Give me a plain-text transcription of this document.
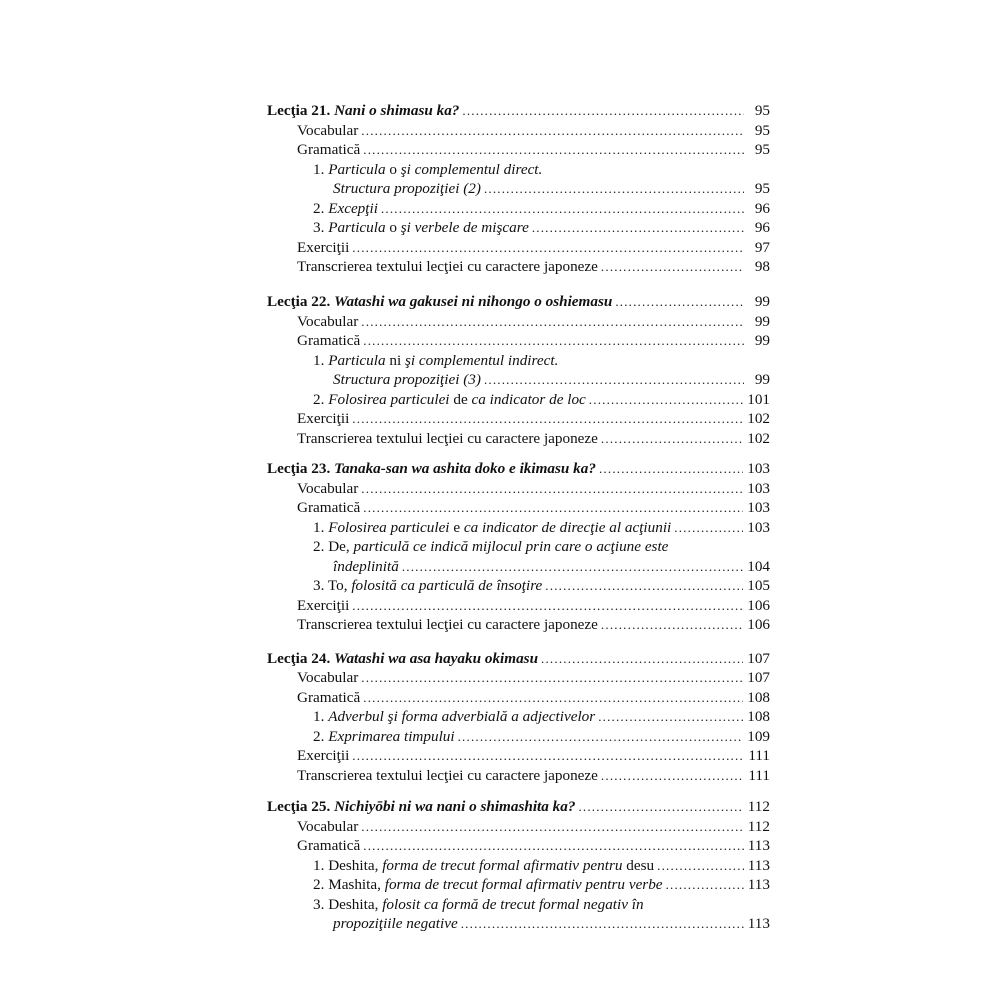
Lecţia 21. Nani o shimasu ka? .....	95
Vocabular .....	95
Gramatică .....	95
1. Particula o şi complementul direct.
Structura propoziţiei (2) .....	95
2. Excepţii .....	96
3. Particula o şi verbele de mişcare .....	96
Exerciţii .....	97
Transcrierea textului lecţiei cu caractere japoneze .....	98
Lecţia 22. Watashi wa gakusei ni nihongo o oshiemasu .....	99
Vocabular .....	99
Gramatică .....	99
1. Particula ni şi complementul indirect.
Structura propoziţiei (3) .....	99
2. Folosirea particulei de ca indicator de loc .....	101
Exerciţii .....	102
Transcrierea textului lecţiei cu caractere japoneze .....	102
Lecţia 23. Tanaka-san wa ashita doko e ikimasu ka? .....	103
Vocabular .....	103
Gramatică .....	103
1. Folosirea particulei e ca indicator de direcţie al acţiunii .....	103
2. De, particulă ce indică mijlocul prin care o acţiune este
îndeplinită .....	104
3. To, folosită ca particulă de însoţire .....	105
Exerciţii .....	106
Transcrierea textului lecţiei cu caractere japoneze .....	106
Lecţia 24. Watashi wa asa hayaku okimasu .....	107
Vocabular .....	107
Gramatică .....	108
1. Adverbul şi forma adverbială a adjectivelor .....	108
2. Exprimarea timpului .....	109
Exerciţii .....	111
Transcrierea textului lecţiei cu caractere japoneze .....	111
Lecţia 25. Nichiyōbi ni wa nani o shimashita ka? .....	112
Vocabular .....	112
Gramatică .....	113
1. Deshita, forma de trecut formal afirmativ pentru desu .....	113
2. Mashita, forma de trecut formal afirmativ pentru verbe .....	113
3. Deshita, folosit ca formă de trecut formal negativ în
propoziţiile negative .....	113
